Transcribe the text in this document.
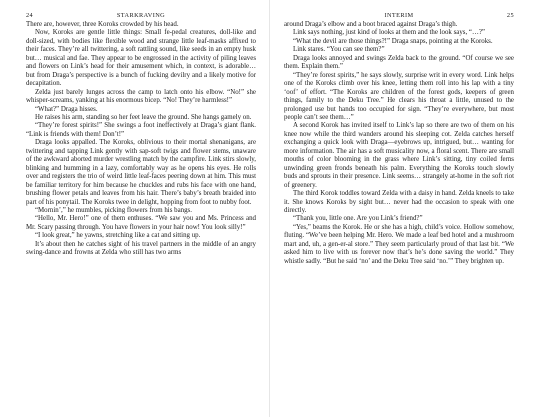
24	STARKRAVING

There are, however, three Koroks crowded by his head.

Now, Koroks are gentle little things: Small fe-pedal creatures, doll-like and doll-sized, with bodies like flexible wood and strange little leaf-masks affixed to their faces. They’re all twittering, a soft rattling sound, like seeds in an empty husk but… musical and fae. They appear to be engrossed in the activity of piling leaves and flowers on Link’s head for their amusement which, in context, is adorable… but from Draga’s perspective is a bunch of fucking devilry and a likely motive for decapitation.

Zelda just barely lunges across the camp to latch onto his elbow. “No!” she whisper-screams, yanking at his enormous bicep. “No! They’re harmless!”

“What?” Draga hisses.

He raises his arm, standing so her feet leave the ground. She hangs gamely on.

“They’re forest spirits!” She swings a foot ineffectively at Draga’s giant flank. “Link is friends with them! Don’t!”

Draga looks appalled. The Koroks, oblivious to their mortal shenanigans, are twittering and tapping Link gently with sap-soft twigs and flower stems, unaware of the awkward aborted murder wrestling match by the campfire. Link stirs slowly, blinking and humming in a lazy, comfortably way as he opens his eyes. He rolls over and registers the trio of weird little leaf-faces peering down at him. This must be familiar territory for him because he chuckles and rubs his face with one hand, brushing flower petals and leaves from his hair. There’s baby’s breath braided into part of his ponytail. The Koroks twee in delight, hopping from foot to nubby foot.

“Mornin’,” he mumbles, picking flowers from his bangs.

“Hello, Mr. Hero!” one of them enthuses. “We saw you and Ms. Princess and Mr. Scary passing through. You have flowers in your hair now! You look silly!”

“I look great,” he yawns, stretching like a cat and sitting up.

It’s about then he catches sight of his travel partners in the middle of an angry swing-dance and frowns at Zelda who still has two arms

INTERIM	25

around Draga’s elbow and a boot braced against Draga’s thigh.

Link says nothing, just kind of looks at them and the look says, “…?”

“What the devil are those things?!” Draga snaps, pointing at the Koroks.

Link stares. “You can see them?”

Draga looks annoyed and swings Zelda back to the ground. “Of course we see them. Explain them.”

“They’re forest spirits,” he says slowly, surprise writ in every word. Link helps one of the Koroks climb over his knee, letting them roll into his lap with a tiny ‘oof’ of effort. “The Koroks are children of the forest gods, keepers of green things, family to the Deku Tree.” He clears his throat a little, unused to the prolonged use but hands too occupied for sign. “They’re everywhere, but most people can’t see them…”

A second Korok has invited itself to Link’s lap so there are two of them on his knee now while the third wanders around his sleeping cot. Zelda catches herself exchanging a quick look with Draga—eyebrows up, intrigued, but… wanting for more information. The air has a soft musicality now, a floral scent. There are small mouths of color blooming in the grass where Link’s sitting, tiny coiled ferns unwinding green fronds beneath his palm. Everything the Koroks touch slowly buds and sprouts in their presence. Link seems… strangely at-home in the soft riot of greenery.

The third Korok toddles toward Zelda with a daisy in hand. Zelda kneels to take it. She knows Koroks by sight but… never had the occasion to speak with one directly.

“Thank you, little one. Are you Link’s friend?”

“Yes,” beams the Korok. He or she has a high, child’s voice. Hollow somehow, fluting. “We’ve been helping Mr. Hero. We made a leaf bed hotel and a mushroom mart and, uh, a gen-er-al store.” They seem particularly proud of that last bit. “We asked him to live with us forever now that’s he’s done saving the world.” They whistle sadly. “But he said ‘no’ and the Deku Tree said ‘no.’” They brighten up.
